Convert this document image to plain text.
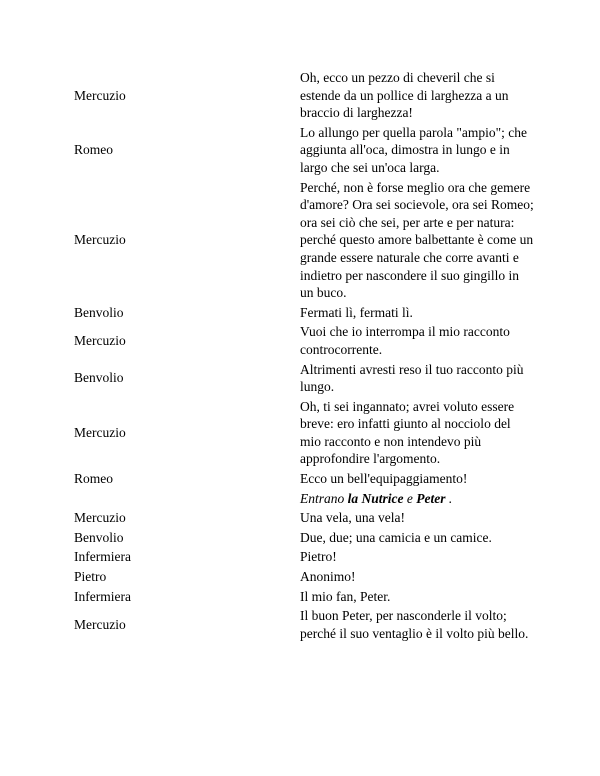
Mercuzio	Oh, ecco un pezzo di cheveril che si estende da un pollice di larghezza a un braccio di larghezza!
Romeo	Lo allungo per quella parola "ampio"; che aggiunta all'oca, dimostra in lungo e in largo che sei un'oca larga.
Mercuzio	Perché, non è forse meglio ora che gemere d'amore? Ora sei socievole, ora sei Romeo; ora sei ciò che sei, per arte e per natura: perché questo amore balbettante è come un grande essere naturale che corre avanti e indietro per nascondere il suo gingillo in un buco.
Benvolio	Fermati lì, fermati lì.
Mercuzio	Vuoi che io interrompa il mio racconto controcorrente.
Benvolio	Altrimenti avresti reso il tuo racconto più lungo.
Mercuzio	Oh, ti sei ingannato; avrei voluto essere breve: ero infatti giunto al nocciolo del mio racconto e non intendevo più approfondire l'argomento.
Romeo	Ecco un bell'equipaggiamento!
	Entrano la Nutrice e Peter .
Mercuzio	Una vela, una vela!
Benvolio	Due, due; una camicia e un camice.
Infermiera	Pietro!
Pietro	Anonimo!
Infermiera	Il mio fan, Peter.
Mercuzio	Il buon Peter, per nasconderle il volto; perché il suo ventaglio è il volto più bello.
